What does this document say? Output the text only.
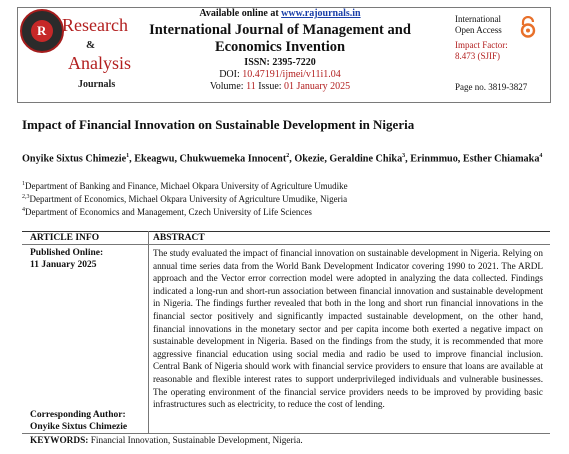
R Research
&
Analysis
Journals
Available online at www.rajournals.in
International Journal of Management and Economics Invention
ISSN: 2395-7220
DOI: 10.47191/ijmei/v11i1.04
Volume: 11 Issue: 01 January 2025
International
Open Access
Impact Factor:
8.473 (SJIF)
Page no. 3819-3827
Impact of Financial Innovation on Sustainable Development in Nigeria
Onyike Sixtus Chimezie$^1$, Ekeagwu, Chukwuemeka Innocent$^2$, Okezie, Geraldine Chika$^3$, Erinmmuo, Esther Chiamaka$^4$
$^1$Department of Banking and Finance, Michael Okpara University of Agriculture Umudike
$^{2,3}$Department of Economics, Michael Okpara University of Agriculture Umudike, Nigeria
$^4$Department of Economics and Management, Czech University of Life Sciences
ARTICLE INFO	ABSTRACT
Published Online:
11 January 2025
Corresponding Author:
Onyike Sixtus Chimezie
The study evaluated the impact of financial innovation on sustainable development in Nigeria. Relying on annual time series data from the World Bank Development Indicator covering 1990 to 2021. The ARDL approach and the Vector error correction model were adopted in analyzing the data collected. Findings indicated a long-run and short-run association between financial innovation and sustainable development in Nigeria. The findings further revealed that both in the long and short run financial innovations in the financial sector positively and significantly impacted sustainable development, on the other hand, financial innovations in the monetary sector and per capita income both exerted a negative impact on sustainable development in Nigeria. Based on the findings from the study, it is recommended that more aggressive financial education using social media and radio be used to improve financial inclusion. Central Bank of Nigeria should work with financial service providers to ensure that loans are available at reasonable and flexible interest rates to support underprivileged individuals and vulnerable businesses. The operating environment of the financial service providers needs to be improved by providing basic infrastructures such as electricity, to reduce the cost of lending.
KEYWORDS: Financial Innovation, Sustainable Development, Nigeria.
